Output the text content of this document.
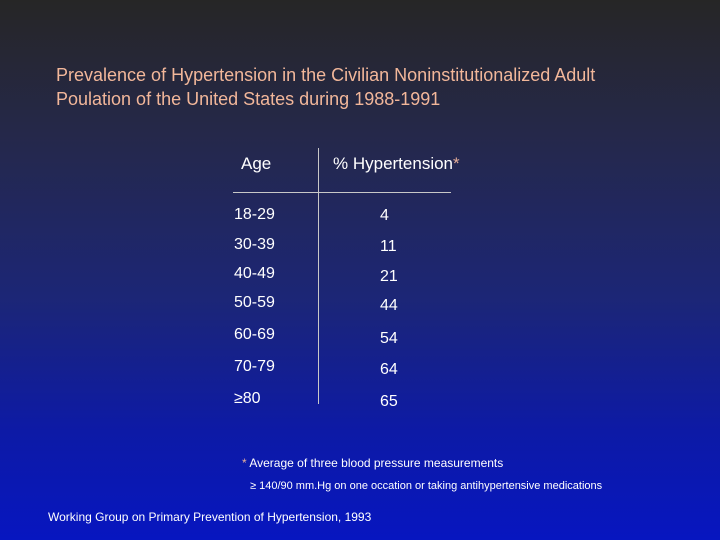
Prevalence of Hypertension in the Civilian Noninstitutionalized Adult
Poulation of the United States during 1988-1991
Age	% Hypertension*
18-29	4
30-39	11
40-49	21
50-59	44
60-69	54
70-79	64
≥80	65
* Average of three blood pressure measurements
≥ 140/90 mm.Hg on one occation or taking antihypertensive medications
Working Group on Primary Prevention of Hypertension, 1993
